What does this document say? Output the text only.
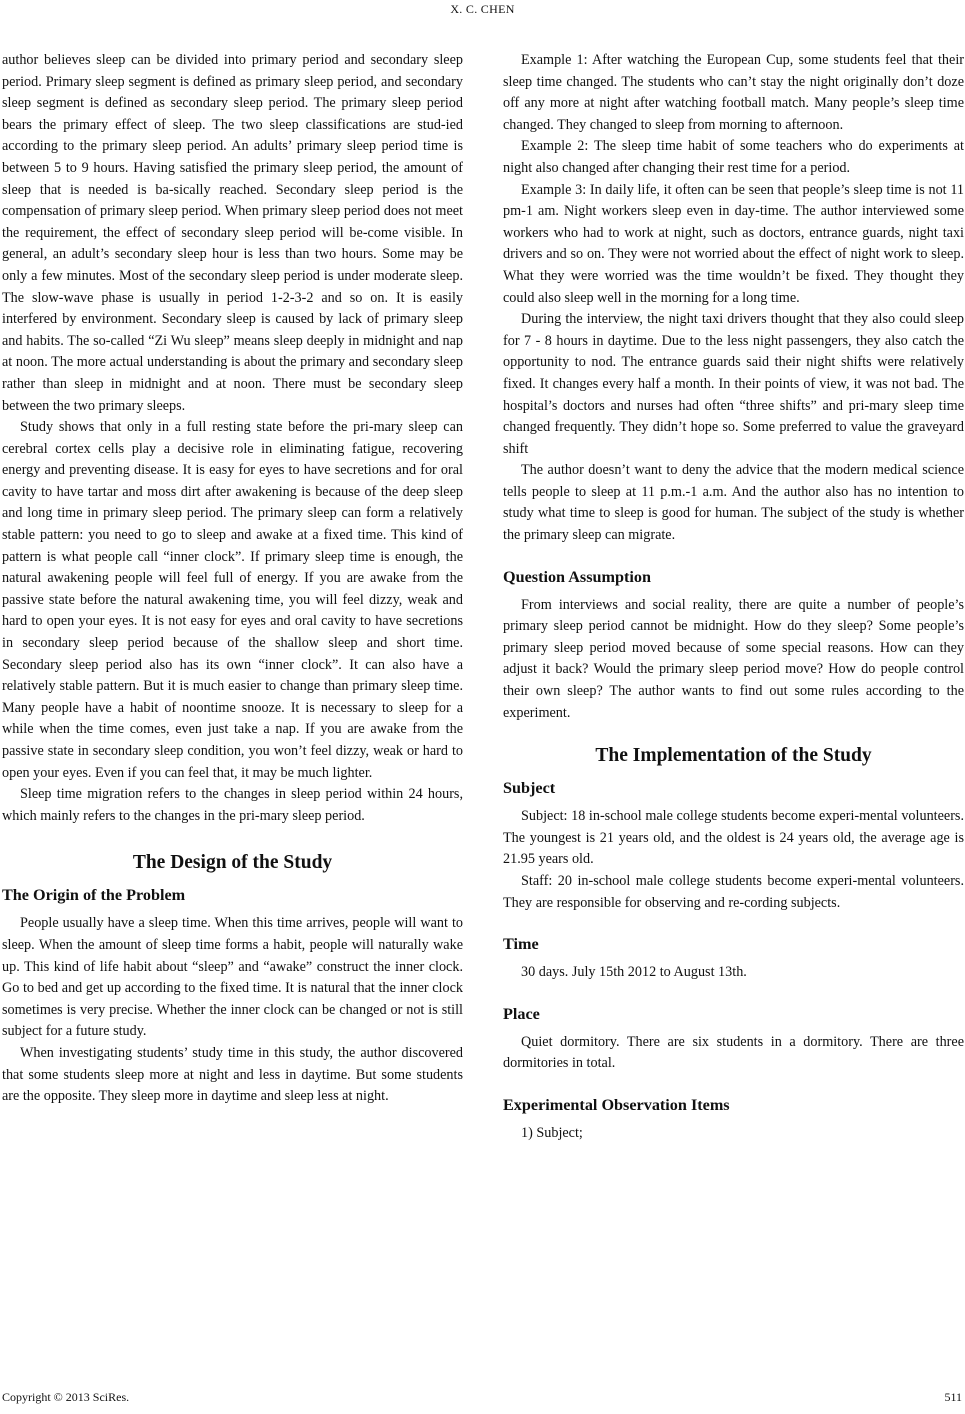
X. C. CHEN

author believes sleep can be divided into primary period and secondary sleep period. Primary sleep segment is defined as primary sleep period, and secondary sleep segment is defined as secondary sleep period. The primary sleep period bears the primary effect of sleep. The two sleep classifications are stud-ied according to the primary sleep period. An adults’ primary sleep period time is between 5 to 9 hours. Having satisfied the primary sleep period, the amount of sleep that is needed is ba-sically reached. Secondary sleep period is the compensation of primary sleep period. When primary sleep period does not meet the requirement, the effect of secondary sleep period will be-come visible. In general, an adult’s secondary sleep hour is less than two hours. Some may be only a few minutes. Most of the secondary sleep period is under moderate sleep. The slow-wave phase is usually in period 1-2-3-2 and so on. It is easily interfered by environment. Secondary sleep is caused by lack of primary sleep and habits. The so-called “Zi Wu sleep” means sleep deeply in midnight and nap at noon. The more actual understanding is about the primary and secondary sleep rather than sleep in midnight and at noon. There must be secondary sleep between the two primary sleeps.

Study shows that only in a full resting state before the pri-mary sleep can cerebral cortex cells play a decisive role in eliminating fatigue, recovering energy and preventing disease. It is easy for eyes to have secretions and for oral cavity to have tartar and moss dirt after awakening is because of the deep sleep and long time in primary sleep period. The primary sleep can form a relatively stable pattern: you need to go to sleep and awake at a fixed time. This kind of pattern is what people call “inner clock”. If primary sleep time is enough, the natural awakening people will feel full of energy. If you are awake from the passive state before the natural awakening time, you will feel dizzy, weak and hard to open your eyes. It is not easy for eyes and oral cavity to have secretions in secondary sleep period because of the shallow sleep and short time. Secondary sleep period also has its own “inner clock”. It can also have a relatively stable pattern. But it is much easier to change than primary sleep time. Many people have a habit of noontime snooze. It is necessary to sleep for a while when the time comes, even just take a nap. If you are awake from the passive state in secondary sleep condition, you won’t feel dizzy, weak or hard to open your eyes. Even if you can feel that, it may be much lighter.

Sleep time migration refers to the changes in sleep period within 24 hours, which mainly refers to the changes in the pri-mary sleep period.

The Design of the Study
The Origin of the Problem

People usually have a sleep time. When this time arrives, people will want to sleep. When the amount of sleep time forms a habit, people will naturally wake up. This kind of life habit about “sleep” and “awake” construct the inner clock. Go to bed and get up according to the fixed time. It is natural that the inner clock sometimes is very precise. Whether the inner clock can be changed or not is still subject for a future study.

When investigating students’ study time in this study, the author discovered that some students sleep more at night and less in daytime. But some students are the opposite. They sleep more in daytime and sleep less at night.

Example 1: After watching the European Cup, some students feel that their sleep time changed. The students who can’t stay the night originally don’t doze off any more at night after watching football match. Many people’s sleep time changed. They changed to sleep from morning to afternoon.

Example 2: The sleep time habit of some teachers who do experiments at night also changed after changing their rest time for a period.

Example 3: In daily life, it often can be seen that people’s sleep time is not 11 pm-1 am. Night workers sleep even in day-time. The author interviewed some workers who had to work at night, such as doctors, entrance guards, night taxi drivers and so on. They were not worried about the effect of night work to sleep. What they were worried was the time wouldn’t be fixed. They thought they could also sleep well in the morning for a long time.

During the interview, the night taxi drivers thought that they also could sleep for 7 - 8 hours in daytime. Due to the less night passengers, they also catch the opportunity to nod. The entrance guards said their night shifts were relatively fixed. It changes every half a month. In their points of view, it was not bad. The hospital’s doctors and nurses had often “three shifts” and pri-mary sleep time changed frequently. They didn’t hope so. Some preferred to value the graveyard shift

The author doesn’t want to deny the advice that the modern medical science tells people to sleep at 11 p.m.-1 a.m. And the author also has no intention to study what time to sleep is good for human. The subject of the study is whether the primary sleep can migrate.

Question Assumption

From interviews and social reality, there are quite a number of people’s primary sleep period cannot be midnight. How do they sleep? Some people’s primary sleep period moved because of some special reasons. How can they adjust it back? Would the primary sleep period move? How do people control their own sleep? The author wants to find out some rules according to the experiment.

The Implementation of the Study
Subject

Subject: 18 in-school male college students become experi-mental volunteers. The youngest is 21 years old, and the oldest is 24 years old, the average age is 21.95 years old.

Staff: 20 in-school male college students become experi-mental volunteers. They are responsible for observing and re-cording subjects.

Time

30 days. July 15th 2012 to August 13th.

Place

Quiet dormitory. There are six students in a dormitory. There are three dormitories in total.

Experimental Observation Items

1) Subject;

Copyright © 2013 SciRes.	511
